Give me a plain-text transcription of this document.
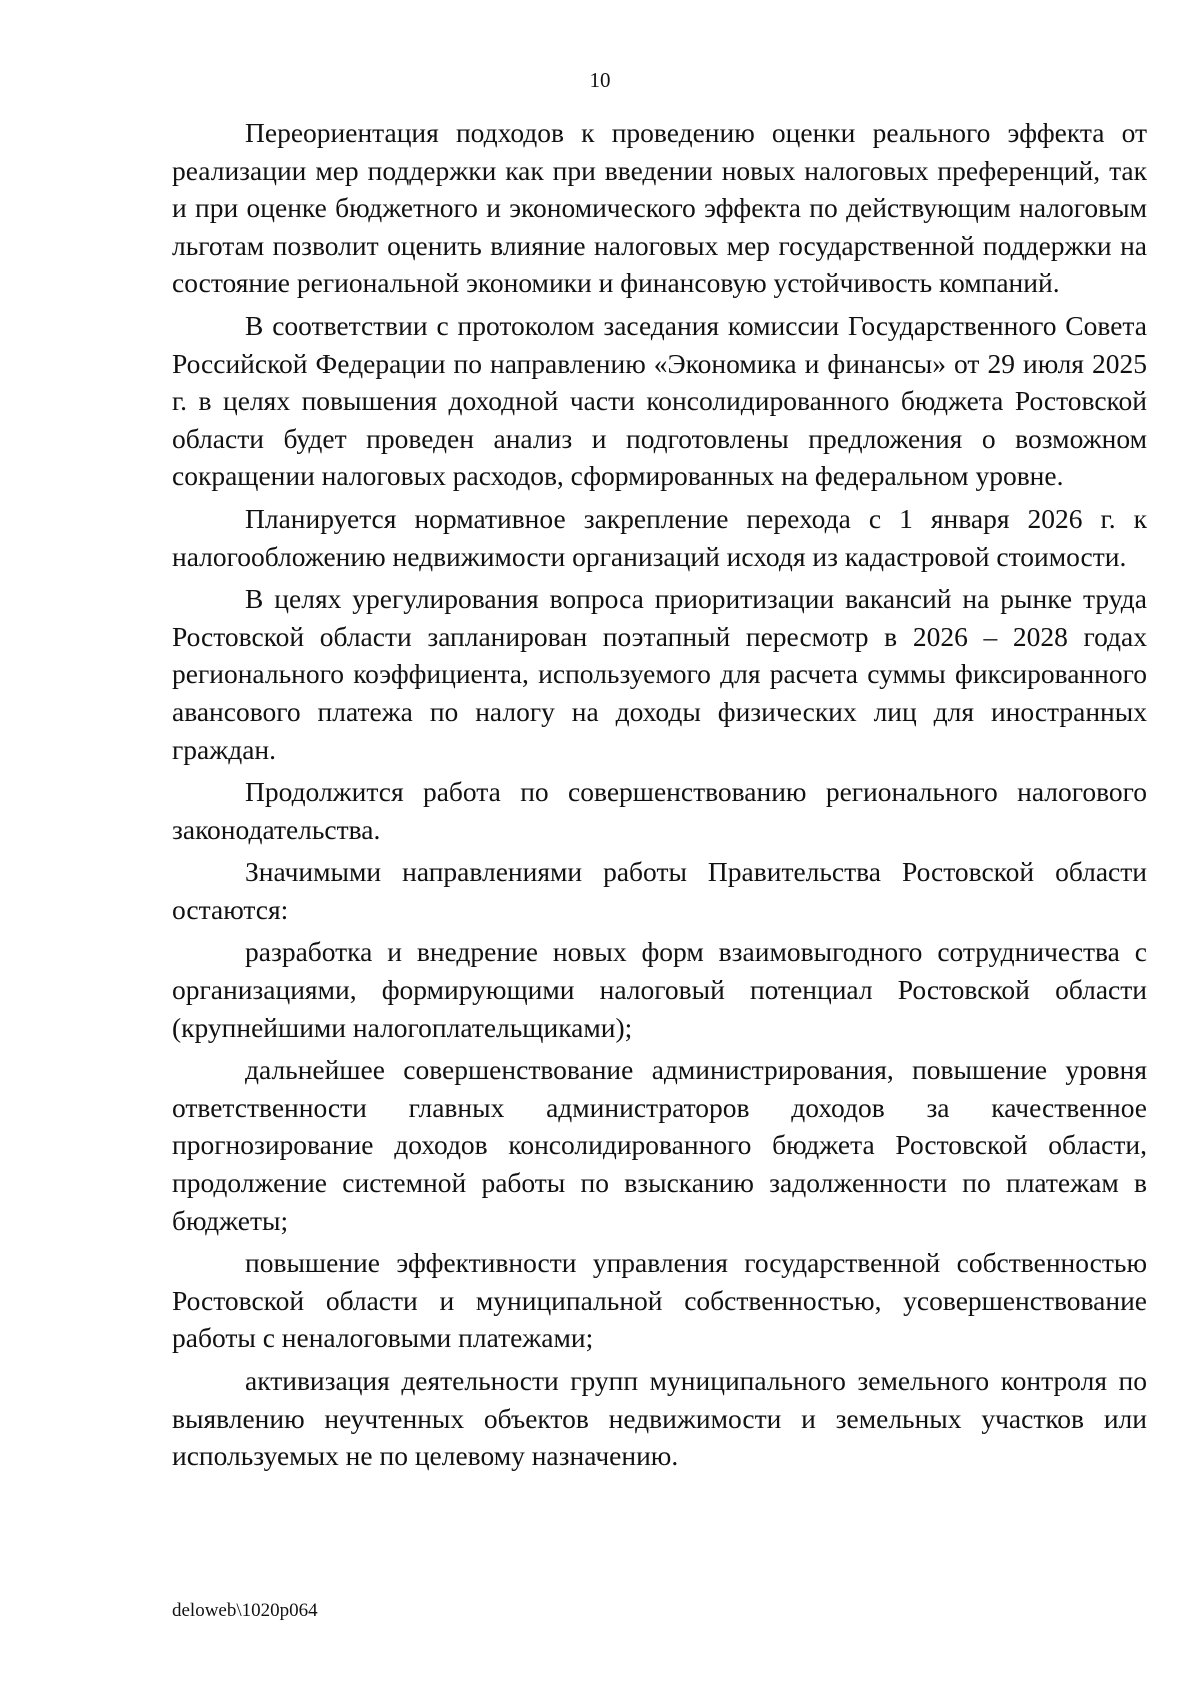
10

Переориентация подходов к проведению оценки реального эффекта от реализации мер поддержки как при введении новых налоговых преференций, так и при оценке бюджетного и экономического эффекта по действующим налоговым льготам позволит оценить влияние налоговых мер государственной поддержки на состояние региональной экономики и финансовую устойчивость компаний.

В соответствии с протоколом заседания комиссии Государственного Совета Российской Федерации по направлению «Экономика и финансы» от 29 июля 2025 г. в целях повышения доходной части консолидированного бюджета Ростовской области будет проведен анализ и подготовлены предложения о возможном сокращении налоговых расходов, сформированных на федеральном уровне.

Планируется нормативное закрепление перехода с 1 января 2026 г. к налогообложению недвижимости организаций исходя из кадастровой стоимости.

В целях урегулирования вопроса приоритизации вакансий на рынке труда Ростовской области запланирован поэтапный пересмотр в 2026 – 2028 годах регионального коэффициента, используемого для расчета суммы фиксированного авансового платежа по налогу на доходы физических лиц для иностранных граждан.

Продолжится работа по совершенствованию регионального налогового законодательства.

Значимыми направлениями работы Правительства Ростовской области остаются:

разработка и внедрение новых форм взаимовыгодного сотрудничества с организациями, формирующими налоговый потенциал Ростовской области (крупнейшими налогоплательщиками);

дальнейшее совершенствование администрирования, повышение уровня ответственности главных администраторов доходов за качественное прогнозирование доходов консолидированного бюджета Ростовской области, продолжение системной работы по взысканию задолженности по платежам в бюджеты;

повышение эффективности управления государственной собственностью Ростовской области и муниципальной собственностью, усовершенствование работы с неналоговыми платежами;

активизация деятельности групп муниципального земельного контроля по выявлению неучтенных объектов недвижимости и земельных участков или используемых не по целевому назначению.

deloweb\1020p064
